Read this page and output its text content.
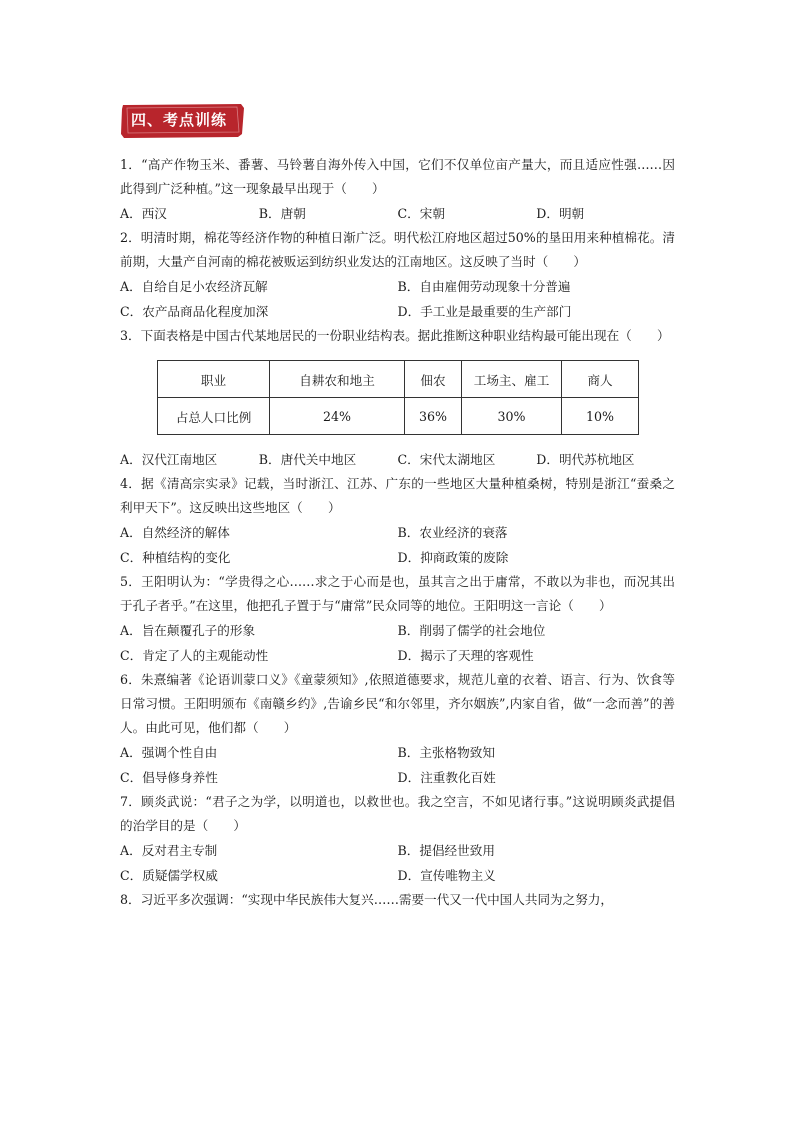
四、考点训练
1．“高产作物玉米、番薯、马铃薯自海外传入中国，它们不仅单位亩产量大，而且适应性强……因此得到广泛种植。”这一现象最早出现于（　　）
A．西汉	B．唐朝	C．宋朝	D．明朝
2．明清时期，棉花等经济作物的种植日渐广泛。明代松江府地区超过50%的垦田用来种植棉花。清前期，大量产自河南的棉花被贩运到纺织业发达的江南地区。这反映了当时（　　）
A．自给自足小农经济瓦解	B．自由雇佣劳动现象十分普遍
C．农产品商品化程度加深	D．手工业是最重要的生产部门
3．下面表格是中国古代某地居民的一份职业结构表。据此推断这种职业结构最可能出现在（　　）
职业	自耕农和地主	佃农	工场主、雇工	商人
占总人口比例	24%	36%	30%	10%
A．汉代江南地区	B．唐代关中地区	C．宋代太湖地区	D．明代苏杭地区
4．据《清高宗实录》记载，当时浙江、江苏、广东的一些地区大量种植桑树，特别是浙江“蚕桑之利甲天下”。这反映出这些地区（　　）
A．自然经济的解体	B．农业经济的衰落
C．种植结构的变化	D．抑商政策的废除
5．王阳明认为：“学贵得之心……求之于心而是也，虽其言之出于庸常，不敢以为非也，而况其出于孔子者乎。”在这里，他把孔子置于与“庸常”民众同等的地位。王阳明这一言论（　　）
A．旨在颠覆孔子的形象	B．削弱了儒学的社会地位
C．肯定了人的主观能动性	D．揭示了天理的客观性
6．朱熹编著《论语训蒙口义》《童蒙须知》,依照道德要求，规范儿童的衣着、语言、行为、饮食等日常习惯。王阳明颁布《南赣乡约》,告谕乡民“和尔邻里，齐尔姻族”,内家自省，做“一念而善”的善人。由此可见，他们都（　　）
A．强调个性自由	B．主张格物致知
C．倡导修身养性	D．注重教化百姓
7．顾炎武说：“君子之为学，以明道也，以救世也。我之空言，不如见诸行事。”这说明顾炎武提倡的治学目的是（　　）
A．反对君主专制	B．提倡经世致用
C．质疑儒学权威	D．宣传唯物主义
8．习近平多次强调：“实现中华民族伟大复兴……需要一代又一代中国人共同为之努力，
